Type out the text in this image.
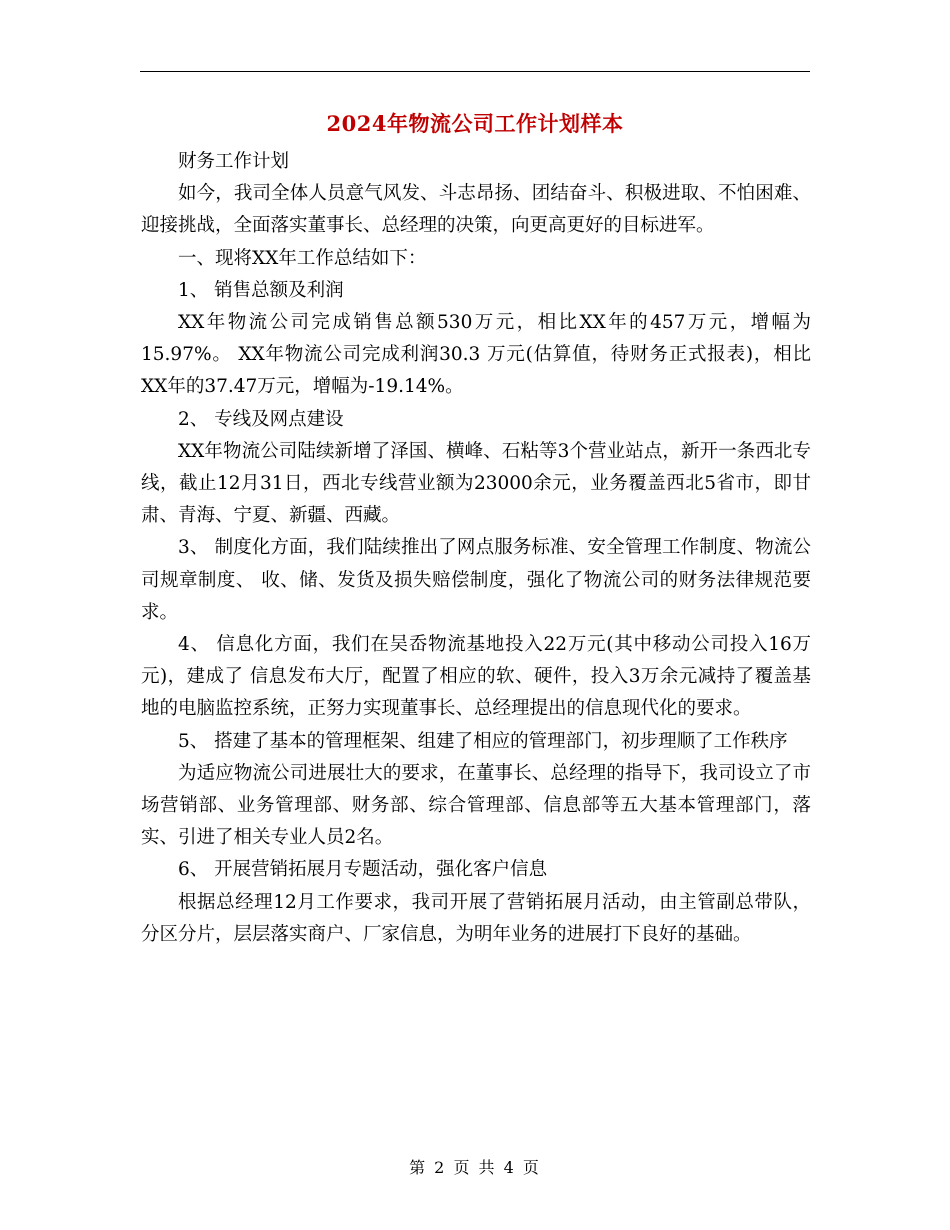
2024年物流公司工作计划样本

财务工作计划

如今，我司全体人员意气风发、斗志昂扬、团结奋斗、积极进取、不怕困难、迎接挑战，全面落实董事长、总经理的决策，向更高更好的目标进军。

一、现将XX年工作总结如下：

1、 销售总额及利润

XX年物流公司完成销售总额530万元，相比XX年的457万元，增幅为15.97%。 XX年物流公司完成利润30.3 万元(估算值，待财务正式报表)，相比XX年的37.47万元，增幅为-19.14%。

2、 专线及网点建设

XX年物流公司陆续新增了泽国、横峰、石粘等3个营业站点，新开一条西北专线，截止12月31日，西北专线营业额为23000余元，业务覆盖西北5省市，即甘肃、青海、宁夏、新疆、西藏。

3、 制度化方面，我们陆续推出了网点服务标准、安全管理工作制度、物流公司规章制度、 收、储、发货及损失赔偿制度，强化了物流公司的财务法律规范要求。

4、 信息化方面，我们在吴岙物流基地投入22万元(其中移动公司投入16万元)，建成了 信息发布大厅，配置了相应的软、硬件，投入3万余元减持了覆盖基地的电脑监控系统，正努力实现董事长、总经理提出的信息现代化的要求。

5、 搭建了基本的管理框架、组建了相应的管理部门，初步理顺了工作秩序

为适应物流公司进展壮大的要求，在董事长、总经理的指导下，我司设立了市场营销部、业务管理部、财务部、综合管理部、信息部等五大基本管理部门，落实、引进了相关专业人员2名。

6、 开展营销拓展月专题活动，强化客户信息

根据总经理12月工作要求，我司开展了营销拓展月活动，由主管副总带队，分区分片，层层落实商户、厂家信息，为明年业务的进展打下良好的基础。

第 2 页 共 4 页
